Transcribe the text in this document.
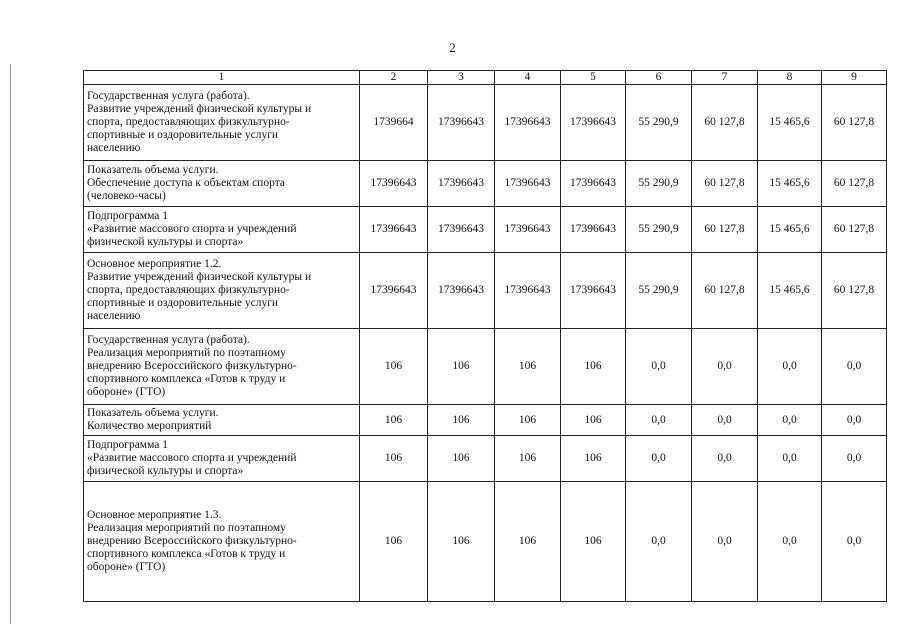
2
1	2	3	4	5	6	7	8	9

Государственная услуга (работа).
Развитие учреждений физической культуры и
спорта, предоставляющих физкультурно-
спортивные и оздоровительные услуги
населению	1739664	17396643	17396643	17396643	55 290,9	60 127,8	15 465,6	60 127,8

Показатель объема услуги.
Обеспечение доступа к объектам спорта
(человеко-часы)	17396643	17396643	17396643	17396643	55 290,9	60 127,8	15 465,6	60 127,8

Подпрограмма 1
«Развитие массового спорта и учреждений
физической культуры и спорта»	17396643	17396643	17396643	17396643	55 290,9	60 127,8	15 465,6	60 127,8

Основное мероприятие 1.2.
Развитие учреждений физической культуры и
спорта, предоставляющих физкультурно-
спортивные и оздоровительные услуги
населению	17396643	17396643	17396643	17396643	55 290,9	60 127,8	15 465,6	60 127,8

Государственная услуга (работа).
Реализация мероприятий по поэтапному
внедрению Всероссийского физкультурно-
спортивного комплекса «Готов к труду и
обороне» (ГТО)	106	106	106	106	0,0	0,0	0,0	0,0

Показатель объема услуги.
Количество мероприятий	106	106	106	106	0,0	0,0	0,0	0,0

Подпрограмма 1
«Развитие массового спорта и учреждений
физической культуры и спорта»	106	106	106	106	0,0	0,0	0,0	0,0

Основное мероприятие 1.3.
Реализация мероприятий по поэтапному
внедрению Всероссийского физкультурно-
спортивного комплекса «Готов к труду и
обороне» (ГТО)	106	106	106	106	0,0	0,0	0,0	0,0
